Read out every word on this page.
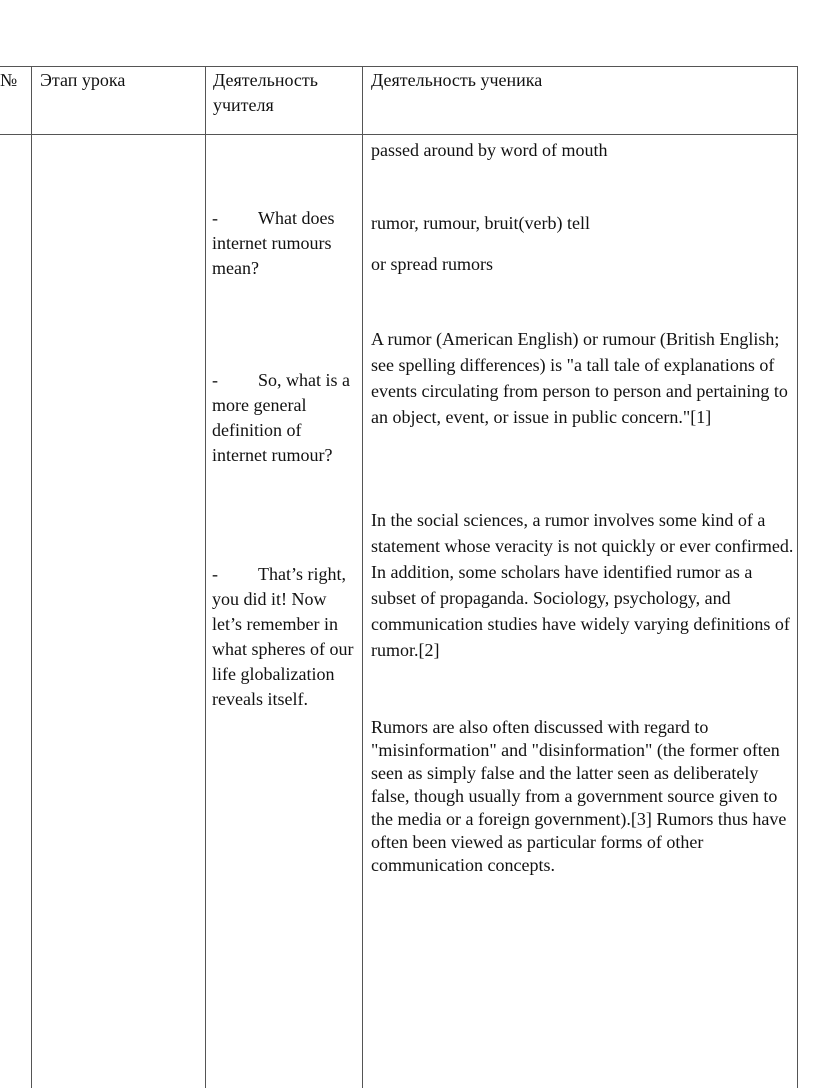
№	Этап урока	Деятельность учителя
Деятельность ученика
- What does internet rumours mean?
- So, what is a more general definition of internet rumour?
- That’s right, you did it! Now let’s remember in what spheres of our life globalization reveals itself.
passed around by word of mouth
rumor, rumour, bruit(verb) tell
or spread rumors
A rumor (American English) or rumour (British English; see spelling differences) is "a tall tale of explanations of events circulating from person to person and pertaining to an object, event, or issue in public concern."[1]
In the social sciences, a rumor involves some kind of a statement whose veracity is not quickly or ever confirmed. In addition, some scholars have identified rumor as a subset of propaganda. Sociology, psychology, and communication studies have widely varying definitions of rumor.[2]
Rumors are also often discussed with regard to "misinformation" and "disinformation" (the former often seen as simply false and the latter seen as deliberately false, though usually from a government source given to the media or a foreign government).[3] Rumors thus have often been viewed as particular forms of other communication concepts.
